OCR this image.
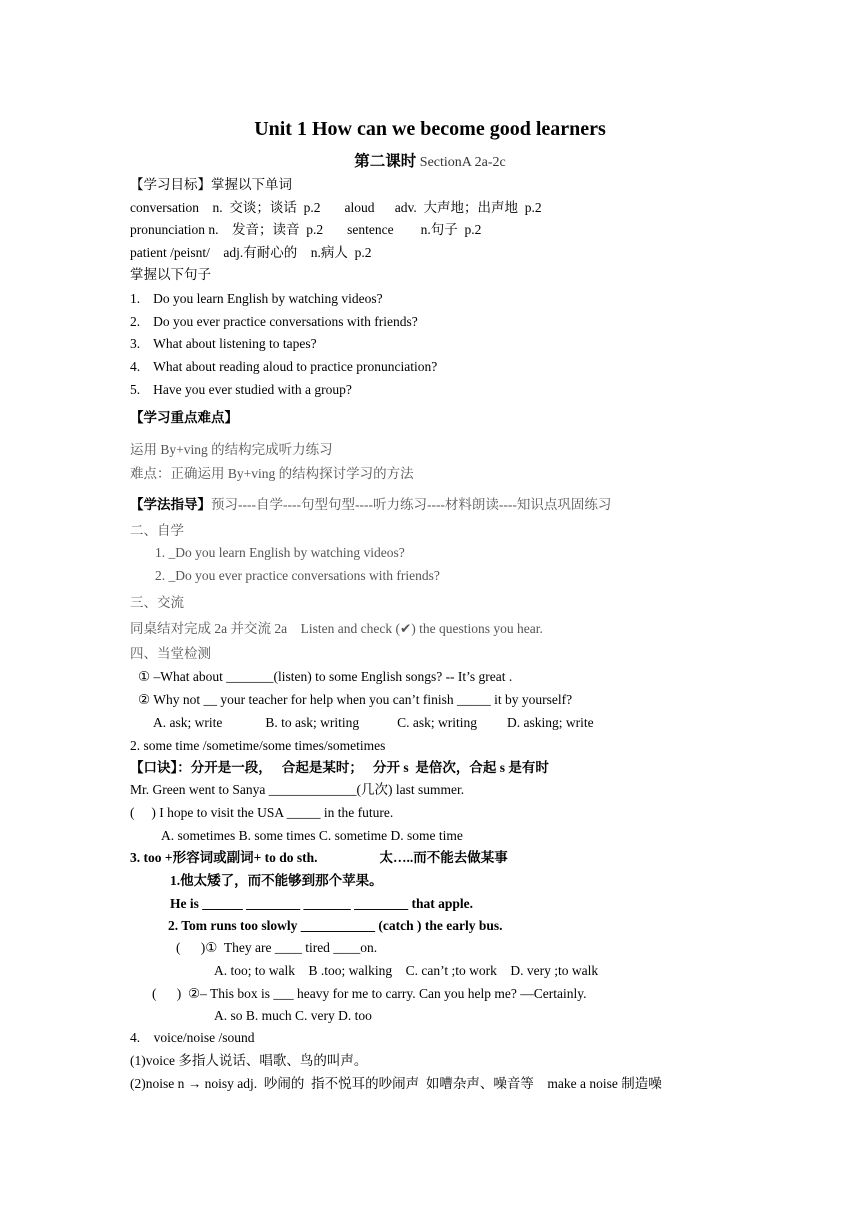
Unit 1 How can we become good learners
第二课时 SectionA 2a-2c
【学习目标】掌握以下单词
conversation    n.  交谈；谈话  p.2 aloud      adv.  大声地；出声地  p.2
pronunciation n.    发音；读音  p.2 sentence        n.句子  p.2
patient /peisnt/    adj.有耐心的    n.病人  p.2
掌握以下句子
1. Do you learn English by watching videos?
2. Do you ever practice conversations with friends?
3. What about listening to tapes?
4. What about reading aloud to practice pronunciation?
5. Have you ever studied with a group?
【学习重点难点】
运用 By+ving 的结构完成听力练习
难点：正确运用 By+ving 的结构探讨学习的方法
【学法指导】预习----自学----句型句型----听力练习----材料朗读----知识点巩固练习
二、自学
1. _Do you learn English by watching videos?
2. _Do you ever practice conversations with friends?
三、交流
同桌结对完成 2a 并交流 2a    Listen and check (✔) the questions you hear.
四、当堂检测
① –What about _______(listen) to some English songs? -- It’s great .
② Why not __ your teacher for help when you can’t finish _____ it by yourself?
A. ask; write	B. to ask; writing	C. ask; writing D. asking; write
2. some time /sometime/some times/sometimes
【口诀】：分开是一段，   合起是某时；   分开 s  是倍次，合起 s 是有时
Mr. Green went to Sanya _____________(几次) last summer.
(     ) I hope to visit the USA _____ in the future.
A. sometimes B. some times C. sometime D. some time
3. too +形容词或副词+ to do sth.	太…..而不能去做某事
1.他太矮了，而不能够到那个苹果。
He is ______ ________ _______ ________ that apple.
2. Tom runs too slowly ___________ (catch ) the early bus.
(      )①  They are ____ tired ____on.
A. too; to walk    B .too; walking    C. can’t ;to work    D. very ;to walk
(      )  ②– This box is ___ heavy for me to carry. Can you help me? —Certainly.
A. so B. much C. very D. too
4.    voice/noise /sound
(1)voice 多指人说话、唱歌、鸟的叫声。
(2)noise n → noisy adj.  吵闹的  指不悦耳的吵闹声  如嘈杂声、噪音等    make a noise 制造噪
